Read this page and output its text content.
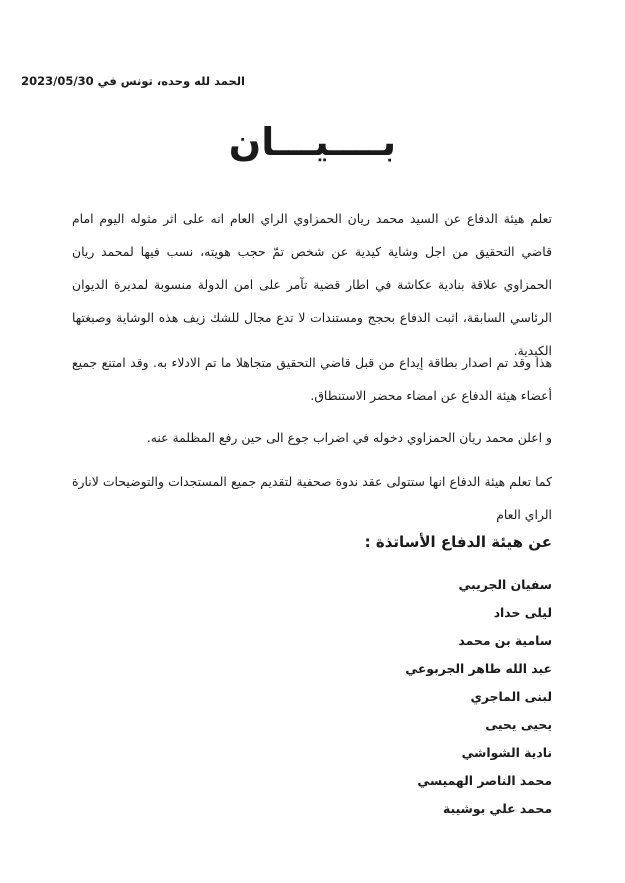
الحمد لله وحده، تونس في 2023/05/30
بــــيـــان

تعلم هيئة الدفاع عن السيد محمد ريان الحمزاوي الراي العام انه على اثر مثوله اليوم امام قاضي التحقيق من اجل وشاية كيدية عن شخص تمّ حجب هويته، نسب فيها لمحمد ريان الحمزاوي علاقة بنادية عكاشة في اطار قضية تآمر على امن الدولة منسوبة لمديرة الديوان الرئاسي السابقة، اثبت الدفاع بحجج ومستندات لا تدع مجال للشك زيف هذه الوشاية وصبغتها الكيدية.

هذا وقد تم اصدار بطاقة إيداع من قبل قاضي التحقيق متجاهلا ما تم الادلاء به. وقد امتنع جميع أعضاء هيئة الدفاع عن امضاء محضر الاستنطاق.

و اعلن محمد ريان الحمزاوي دخوله في اضراب جوع الى حين رفع المظلمة عنه.

كما تعلم هيئة الدفاع انها ستتولى عقد ندوة صحفية لتقديم جميع المستجدات والتوضيحات لانارة الراي العام

عن هيئة الدفاع الأساتذة :
سفيان الجريبي
ليلى حداد
سامية بن محمد
عبد الله طاهر الجربوعي
لبنى الماجري
يحيى يحيى
نادية الشواشي
محمد الناصر الهميسي
محمد علي بوشيبة
